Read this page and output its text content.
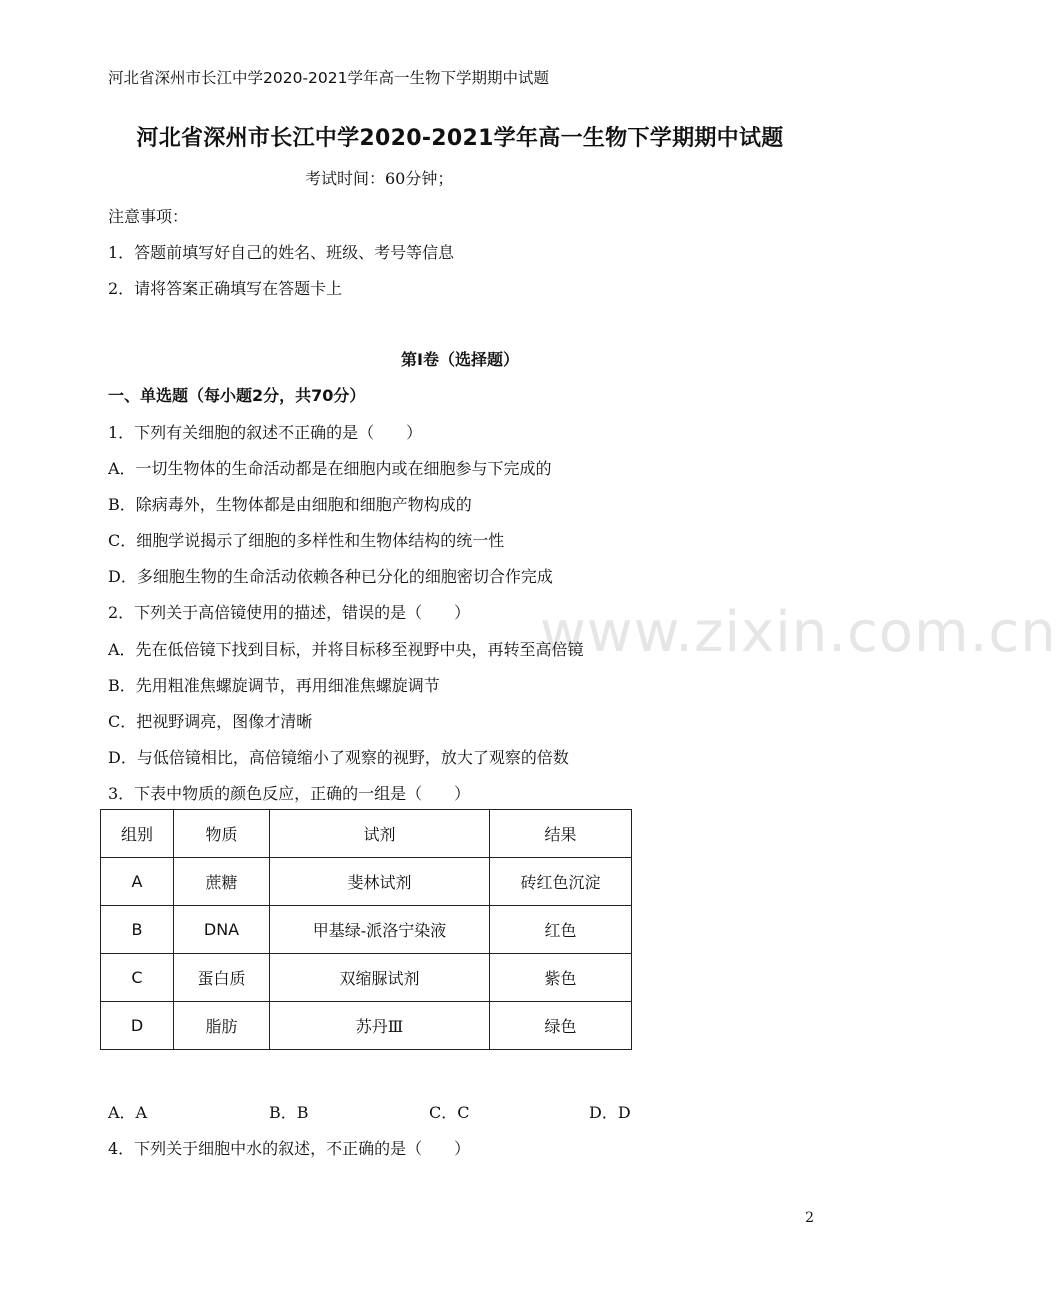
www.zixin.com.cn
河北省深州市长江中学2020-2021学年高一生物下学期期中试题
河北省深州市长江中学2020-2021学年高一生物下学期期中试题
考试时间：60分钟；
注意事项：
1．答题前填写好自己的姓名、班级、考号等信息
2．请将答案正确填写在答题卡上
第I卷（选择题）
一、单选题（每小题2分，共70分）
1．下列有关细胞的叙述不正确的是（　　）
A．一切生物体的生命活动都是在细胞内或在细胞参与下完成的
B．除病毒外，生物体都是由细胞和细胞产物构成的
C．细胞学说揭示了细胞的多样性和生物体结构的统一性
D．多细胞生物的生命活动依赖各种已分化的细胞密切合作完成
2．下列关于高倍镜使用的描述，错误的是（　　）
A．先在低倍镜下找到目标，并将目标移至视野中央，再转至高倍镜
B．先用粗准焦螺旋调节，再用细准焦螺旋调节
C．把视野调亮，图像才清晰
D．与低倍镜相比，高倍镜缩小了观察的视野，放大了观察的倍数
3．下表中物质的颜色反应，正确的一组是（　　）
组别	物质	试剂	结果
A	蔗糖	斐林试剂	砖红色沉淀
B	DNA	甲基绿-派洛宁染液	红色
C	蛋白质	双缩脲试剂	紫色
D	脂肪	苏丹Ⅲ	绿色
A．A	B．B	C．C	D．D
4．下列关于细胞中水的叙述，不正确的是（　　）
2
